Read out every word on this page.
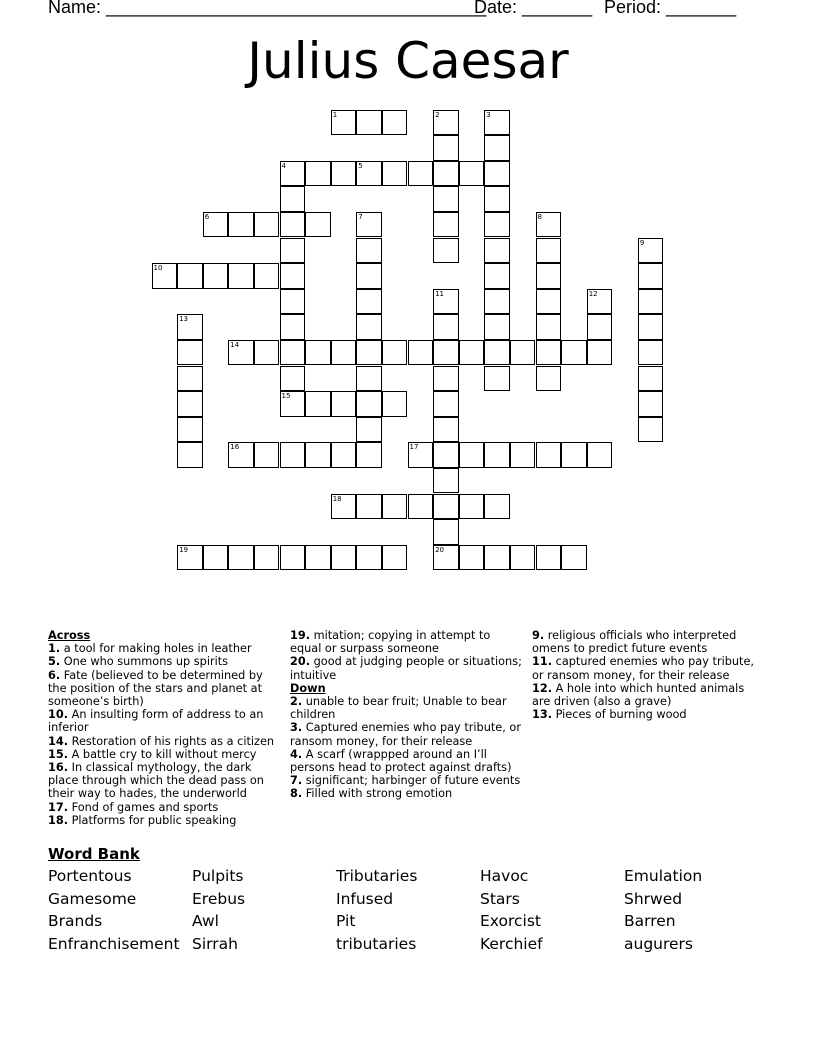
Name: ______________________________________
Date: _______ Period: _______
Julius Caesar
1	2	3
4	5
6	7	8
9
10
11	12
13
14
15
16	17
18
19	20
Across

1. a tool for making holes in leather

5. One who summons up spirits

6. Fate (believed to be determined by the position of the stars and planet at someone’s birth)

10. An insulting form of address to an inferior

14. Restoration of his rights as a citizen

15. A battle cry to kill without mercy

16. In classical mythology, the dark place through which the dead pass on their way to hades, the underworld

17. Fond of games and sports

18. Platforms for public speaking

19. mitation; copying in attempt to equal or surpass someone

20. good at judging people or situations; intuitive

Down

2. unable to bear fruit; Unable to bear children

3. Captured enemies who pay tribute, or ransom money, for their release

4. A scarf (wrappped around an I’ll persons head to protect against drafts)

7. significant; harbinger of future events

8. Filled with strong emotion

9. religious officials who interpreted omens to predict future events

11. captured enemies who pay tribute, or ransom money, for their release

12. A hole into which hunted animals are driven (also a grave)

13. Pieces of burning wood

Word Bank
Portentous	Pulpits	Tributaries	Havoc	Emulation
Gamesome	Erebus	Infused	Stars	Shrwed
Brands	Awl	Pit	Exorcist	Barren
Enfranchisement Sirrah	tributaries	Kerchief	augurers
